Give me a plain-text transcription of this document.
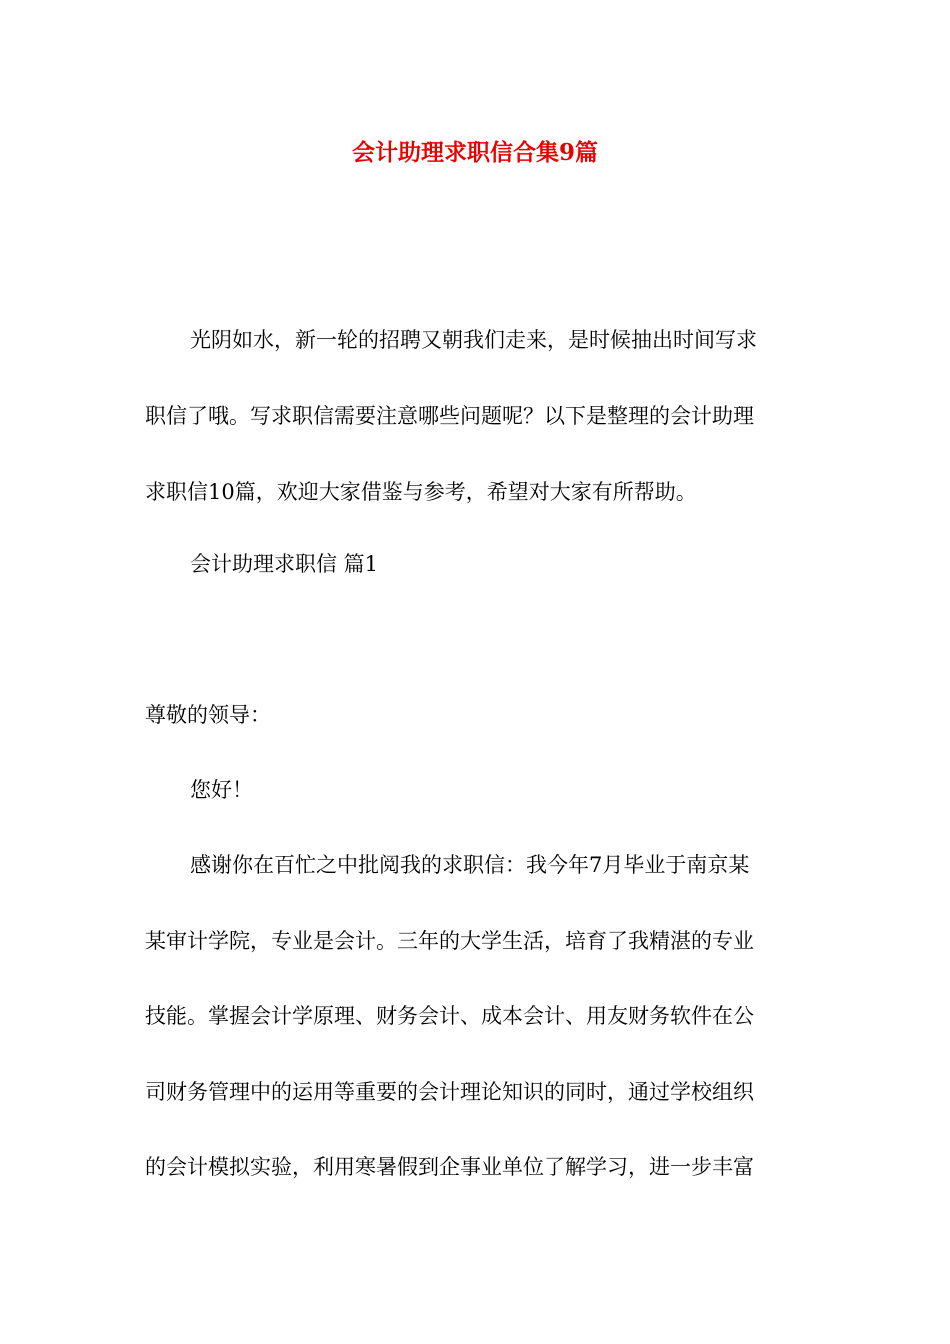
会计助理求职信合集9篇
光阴如水，新一轮的招聘又朝我们走来，是时候抽出时间写求
职信了哦。写求职信需要注意哪些问题呢？以下是整理的会计助理
求职信10篇，欢迎大家借鉴与参考，希望对大家有所帮助。
会计助理求职信 篇1
尊敬的领导：
您好！
感谢你在百忙之中批阅我的求职信：我今年7月毕业于南京某
某审计学院，专业是会计。三年的大学生活，培育了我精湛的专业
技能。掌握会计学原理、财务会计、成本会计、用友财务软件在公
司财务管理中的运用等重要的会计理论知识的同时，通过学校组织
的会计模拟实验，利用寒暑假到企事业单位了解学习，进一步丰富
